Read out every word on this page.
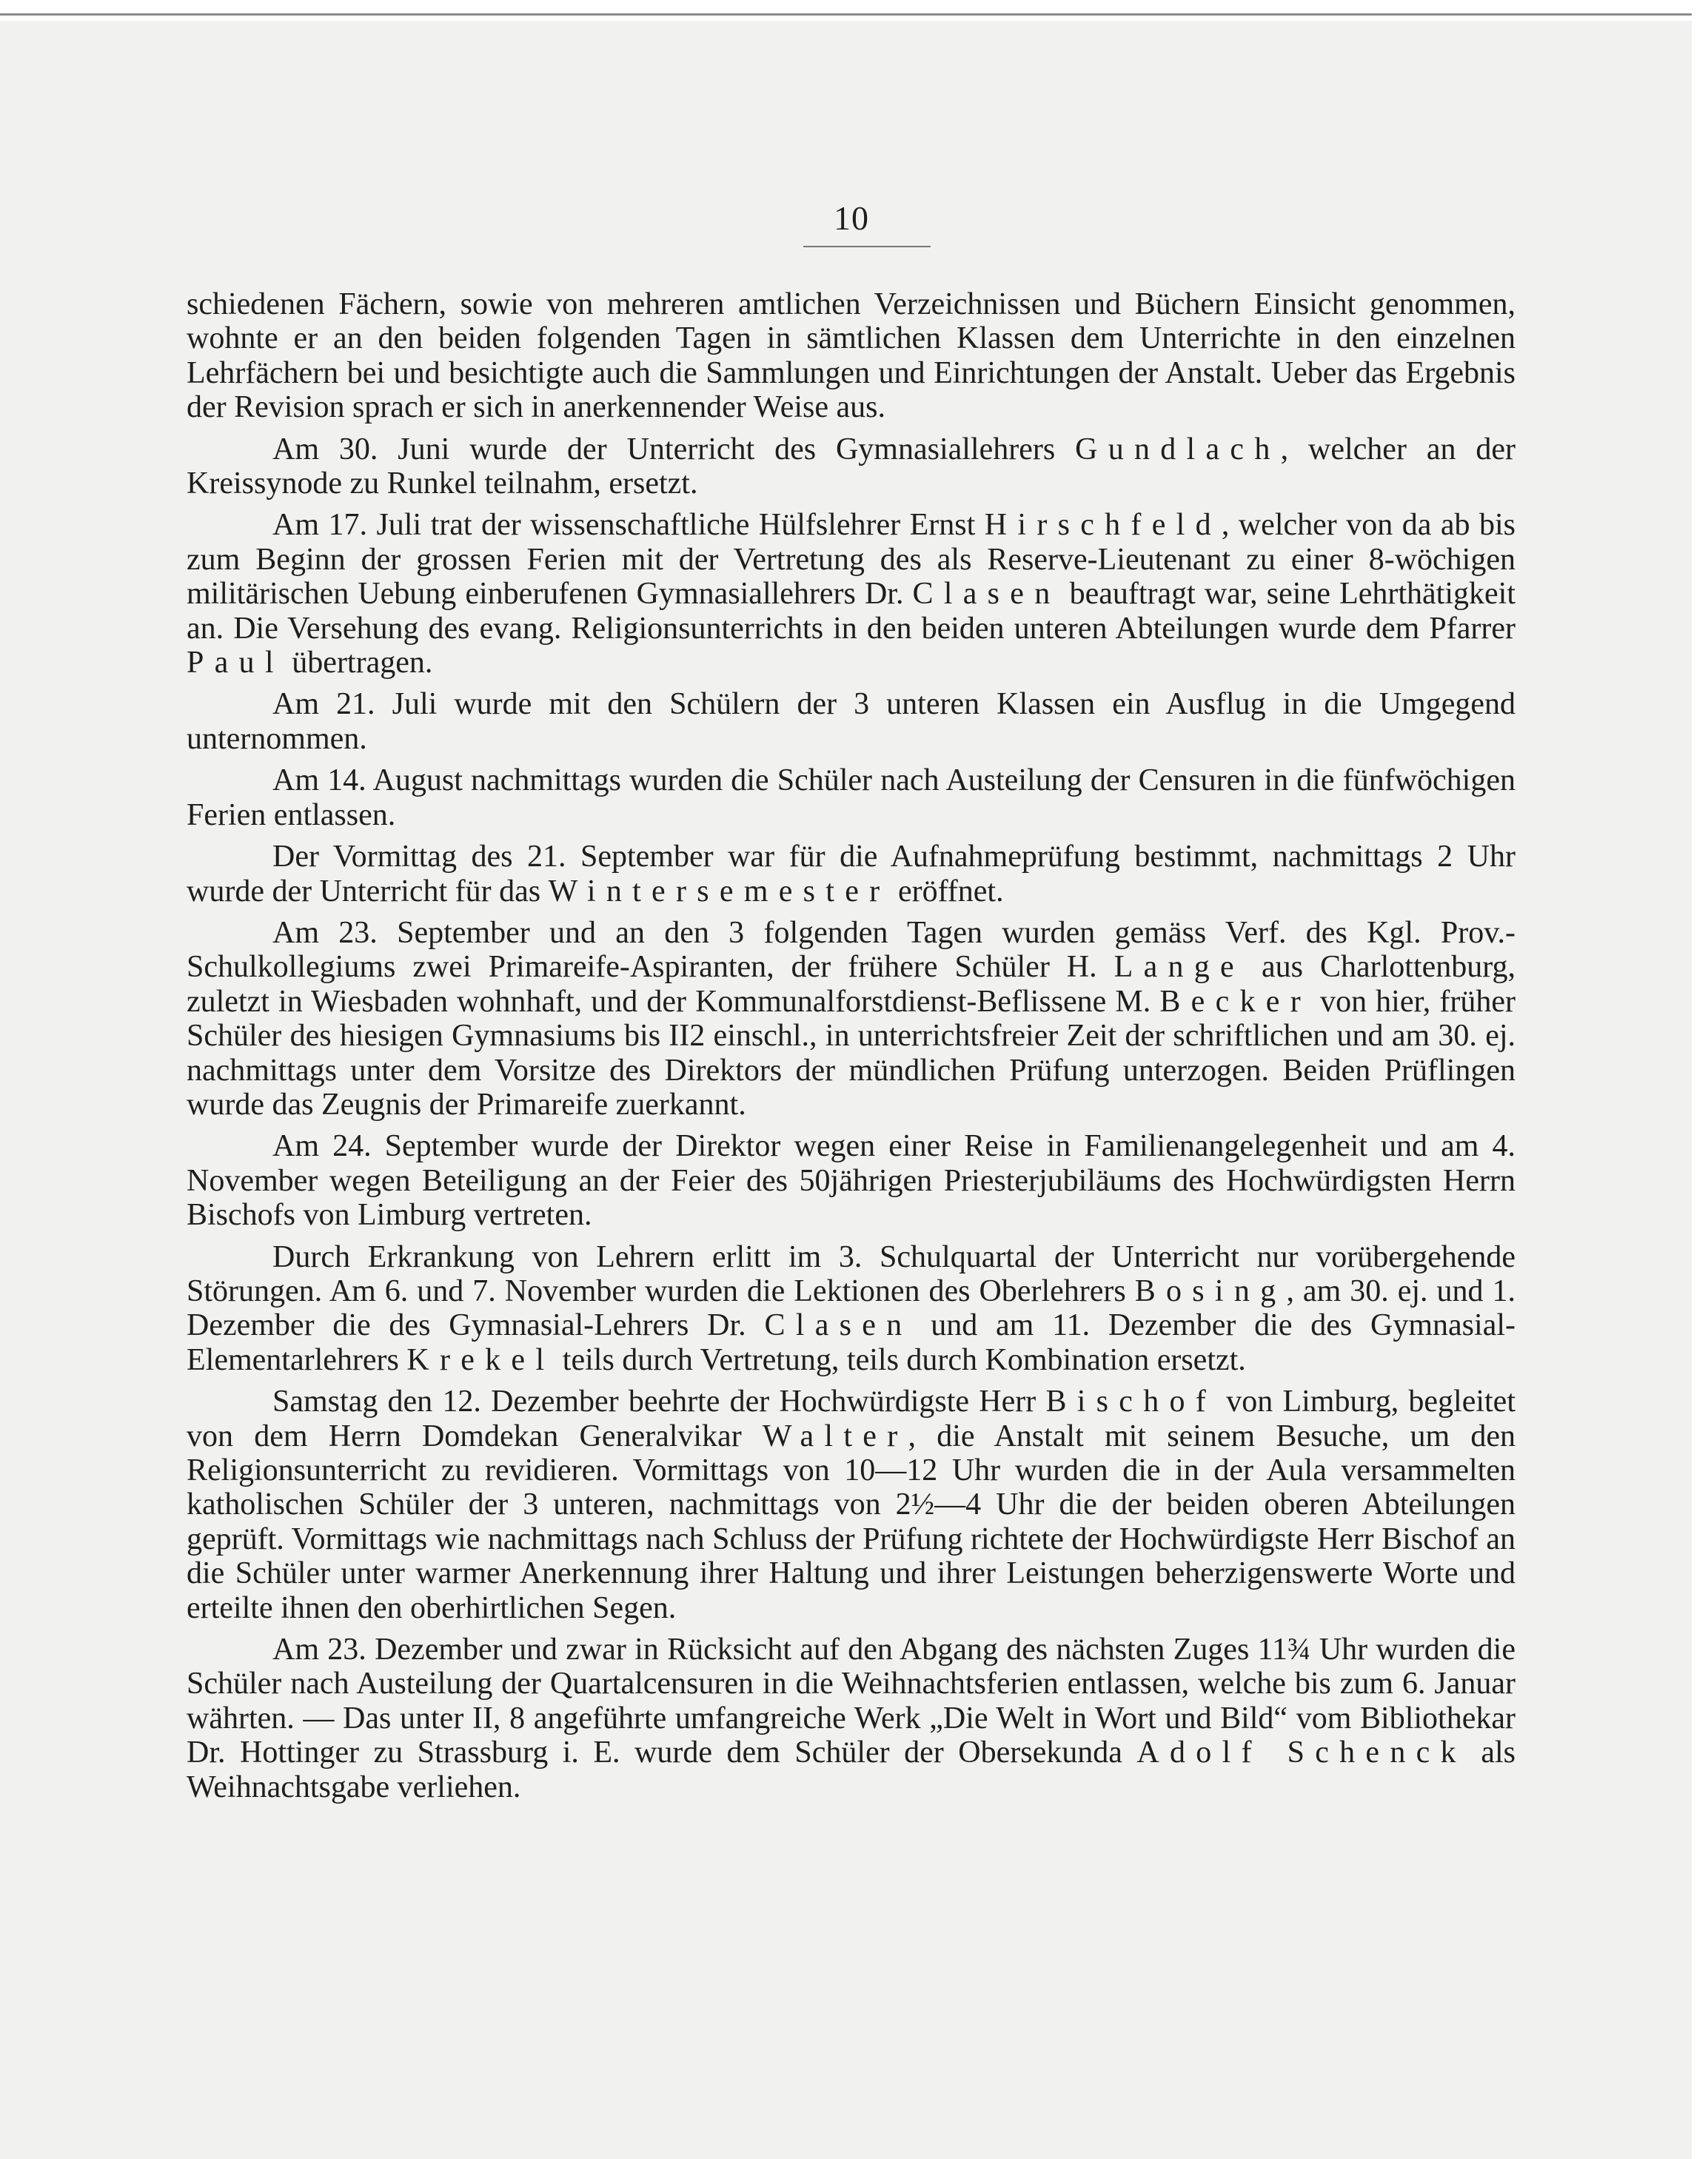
10

schiedenen Fächern, sowie von mehreren amtlichen Verzeichnissen und Büchern Einsicht genommen, wohnte er an den beiden folgenden Tagen in sämtlichen Klassen dem Unterrichte in den einzelnen Lehrfächern bei und besichtigte auch die Sammlungen und Einrichtungen der Anstalt. Ueber das Ergebnis der Revision sprach er sich in anerkennender Weise aus.

Am 30. Juni wurde der Unterricht des Gymnasiallehrers Gundlach, welcher an der Kreissynode zu Runkel teilnahm, ersetzt.

Am 17. Juli trat der wissenschaftliche Hülfslehrer Ernst Hirschfeld, welcher von da ab bis zum Beginn der grossen Ferien mit der Vertretung des als Reserve-Lieutenant zu einer 8-wöchigen militärischen Uebung einberufenen Gymnasiallehrers Dr. Clasen beauftragt war, seine Lehrthätigkeit an. Die Versehung des evang. Religionsunterrichts in den beiden unteren Abteilungen wurde dem Pfarrer Paul übertragen.

Am 21. Juli wurde mit den Schülern der 3 unteren Klassen ein Ausflug in die Umgegend unternommen.

Am 14. August nachmittags wurden die Schüler nach Austeilung der Censuren in die fünfwöchigen Ferien entlassen.

Der Vormittag des 21. September war für die Aufnahmeprüfung bestimmt, nachmittags 2 Uhr wurde der Unterricht für das Wintersemester eröffnet.

Am 23. September und an den 3 folgenden Tagen wurden gemäss Verf. des Kgl. Prov.-Schulkollegiums zwei Primareife-Aspiranten, der frühere Schüler H. Lange aus Charlottenburg, zuletzt in Wiesbaden wohnhaft, und der Kommunalforstdienst-Beflissene M. Becker von hier, früher Schüler des hiesigen Gymnasiums bis II2 einschl., in unterrichtsfreier Zeit der schriftlichen und am 30. ej. nachmittags unter dem Vorsitze des Direktors der mündlichen Prüfung unterzogen. Beiden Prüflingen wurde das Zeugnis der Primareife zuerkannt.

Am 24. September wurde der Direktor wegen einer Reise in Familienangelegenheit und am 4. November wegen Beteiligung an der Feier des 50jährigen Priesterjubiläums des Hochwürdigsten Herrn Bischofs von Limburg vertreten.

Durch Erkrankung von Lehrern erlitt im 3. Schulquartal der Unterricht nur vorübergehende Störungen. Am 6. und 7. November wurden die Lektionen des Oberlehrers Bosing, am 30. ej. und 1. Dezember die des Gymnasial-Lehrers Dr. Clasen und am 11. Dezember die des Gymnasial-Elementarlehrers Krekel teils durch Vertretung, teils durch Kombination ersetzt.

Samstag den 12. Dezember beehrte der Hochwürdigste Herr Bischof von Limburg, begleitet von dem Herrn Domdekan Generalvikar Walter, die Anstalt mit seinem Besuche, um den Religionsunterricht zu revidieren. Vormittags von 10—12 Uhr wurden die in der Aula versammelten katholischen Schüler der 3 unteren, nachmittags von 2½—4 Uhr die der beiden oberen Abteilungen geprüft. Vormittags wie nachmittags nach Schluss der Prüfung richtete der Hochwürdigste Herr Bischof an die Schüler unter warmer Anerkennung ihrer Haltung und ihrer Leistungen beherzigenswerte Worte und erteilte ihnen den oberhirtlichen Segen.

Am 23. Dezember und zwar in Rücksicht auf den Abgang des nächsten Zuges 11¾ Uhr wurden die Schüler nach Austeilung der Quartalcensuren in die Weihnachtsferien entlassen, welche bis zum 6. Januar währten. — Das unter II, 8 angeführte umfangreiche Werk „Die Welt in Wort und Bild“ vom Bibliothekar Dr. Hottinger zu Strassburg i. E. wurde dem Schüler der Obersekunda Adolf Schenck als Weihnachtsgabe verliehen.
